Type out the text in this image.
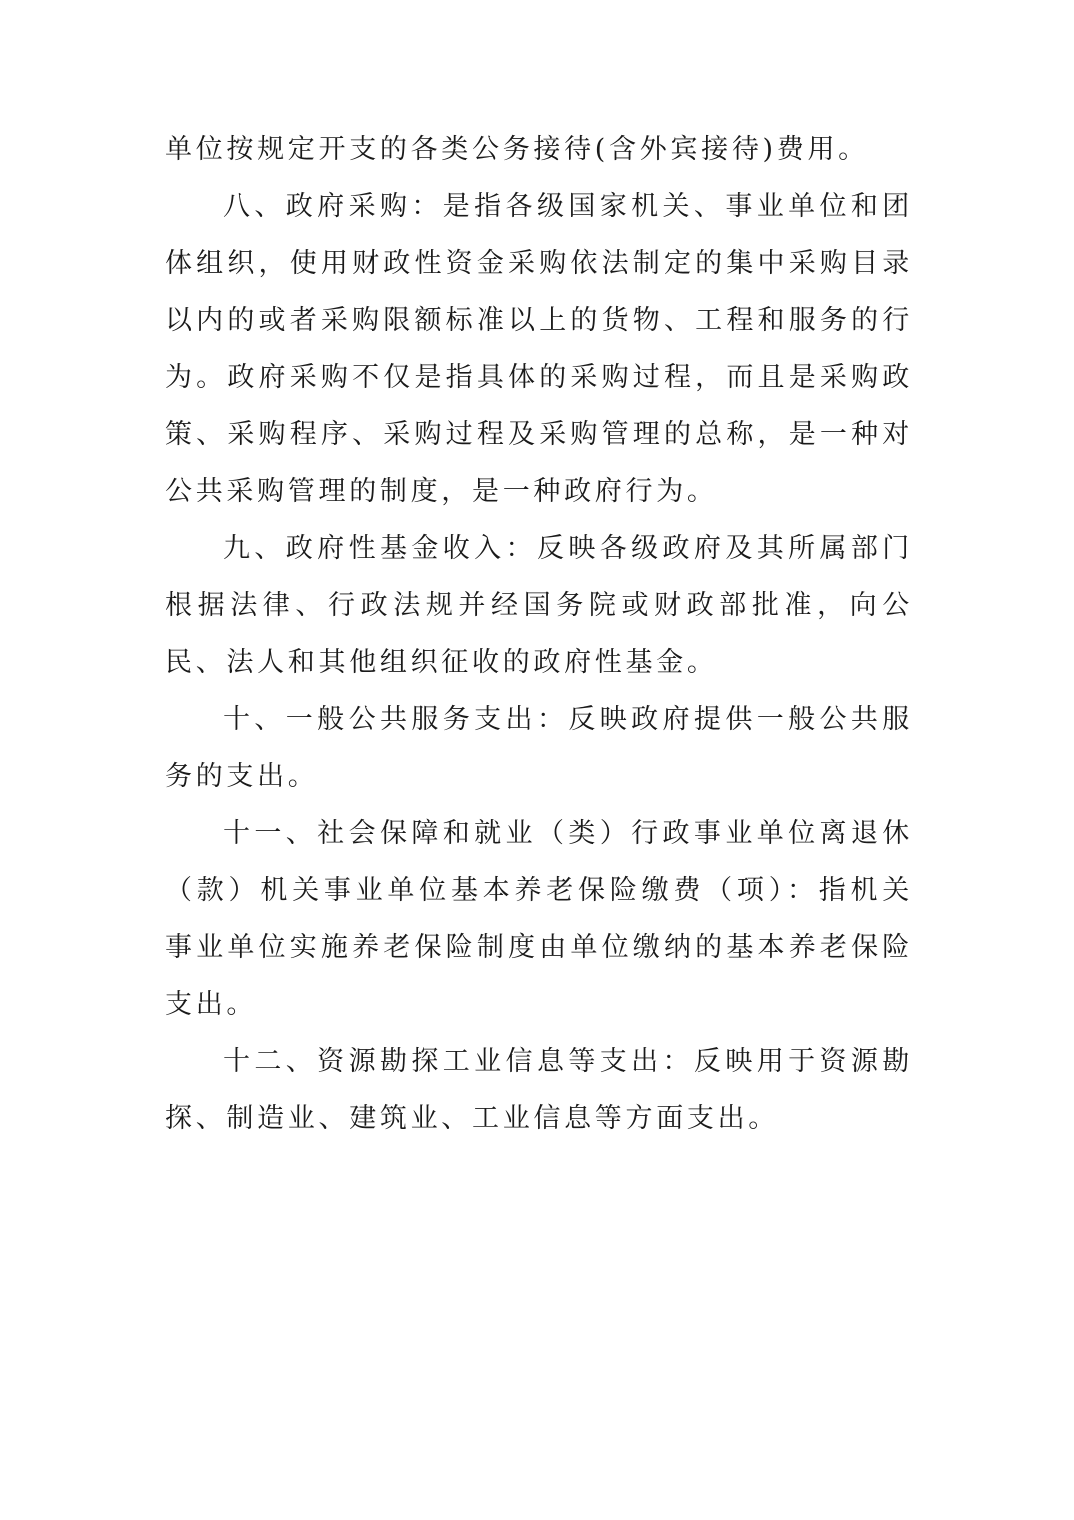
单位按规定开支的各类公务接待(含外宾接待)费用。

八、政府采购：是指各级国家机关、事业单位和团体组织，使用财政性资金采购依法制定的集中采购目录以内的或者采购限额标准以上的货物、工程和服务的行为。政府采购不仅是指具体的采购过程，而且是采购政策、采购程序、采购过程及采购管理的总称，是一种对公共采购管理的制度，是一种政府行为。

九、政府性基金收入：反映各级政府及其所属部门根据法律、行政法规并经国务院或财政部批准，向公民、法人和其他组织征收的政府性基金。

十、一般公共服务支出：反映政府提供一般公共服务的支出。

十一、社会保障和就业（类）行政事业单位离退休（款）机关事业单位基本养老保险缴费（项）：指机关事业单位实施养老保险制度由单位缴纳的基本养老保险支出。

十二、资源勘探工业信息等支出：反映用于资源勘探、制造业、建筑业、工业信息等方面支出。
